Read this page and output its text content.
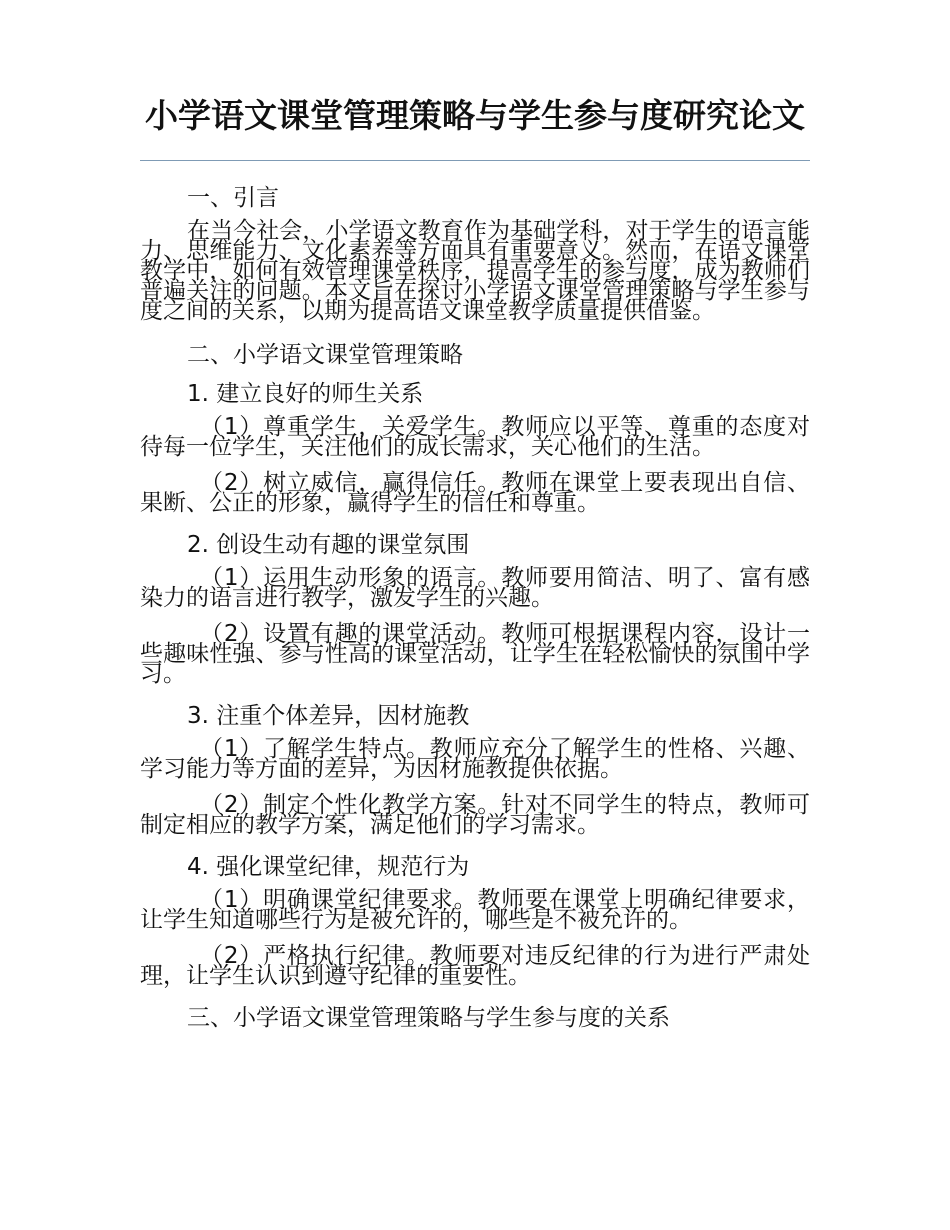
小学语文课堂管理策略与学生参与度研究论文
一、引言

在当今社会，小学语文教育作为基础学科，对于学生的语言能力、思维能力、文化素养等方面具有重要意义。然而，在语文课堂教学中，如何有效管理课堂秩序，提高学生的参与度，成为教师们普遍关注的问题。本文旨在探讨小学语文课堂管理策略与学生参与度之间的关系，以期为提高语文课堂教学质量提供借鉴。

二、小学语文课堂管理策略
1. 建立良好的师生关系

（1）尊重学生，关爱学生。教师应以平等、尊重的态度对待每一位学生，关注他们的成长需求，关心他们的生活。

（2）树立威信，赢得信任。教师在课堂上要表现出自信、果断、公正的形象，赢得学生的信任和尊重。

2. 创设生动有趣的课堂氛围

（1）运用生动形象的语言。教师要用简洁、明了、富有感染力的语言进行教学，激发学生的兴趣。

（2）设置有趣的课堂活动。教师可根据课程内容，设计一些趣味性强、参与性高的课堂活动，让学生在轻松愉快的氛围中学习。

3. 注重个体差异，因材施教

（1）了解学生特点。教师应充分了解学生的性格、兴趣、学习能力等方面的差异，为因材施教提供依据。

（2）制定个性化教学方案。针对不同学生的特点，教师可制定相应的教学方案，满足他们的学习需求。

4. 强化课堂纪律，规范行为

（1）明确课堂纪律要求。教师要在课堂上明确纪律要求，让学生知道哪些行为是被允许的，哪些是不被允许的。

（2）严格执行纪律。教师要对违反纪律的行为进行严肃处理，让学生认识到遵守纪律的重要性。

三、小学语文课堂管理策略与学生参与度的关系
